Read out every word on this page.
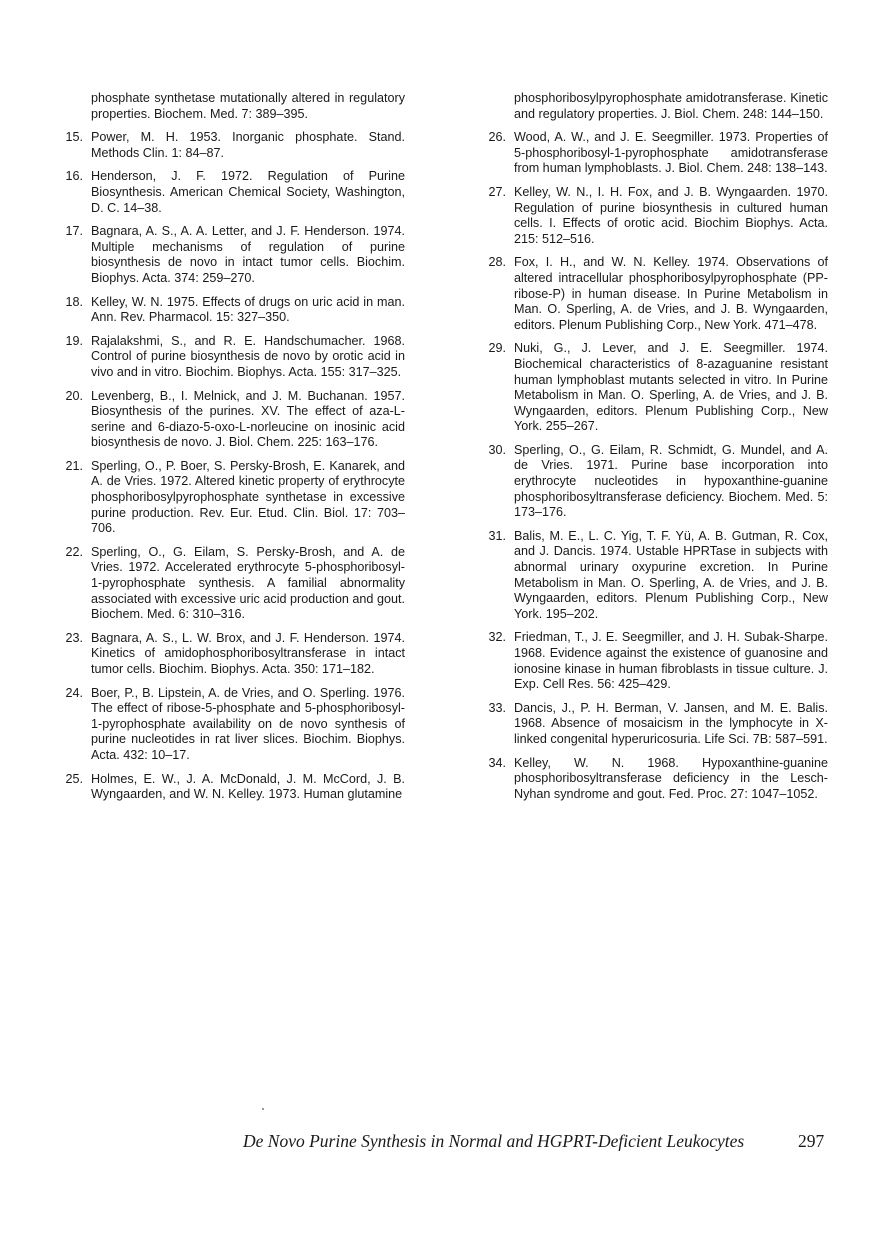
phosphate synthetase mutationally altered in regulatory properties. Biochem. Med. 7: 389–395.
15. Power, M. H. 1953. Inorganic phosphate. Stand. Methods Clin. 1: 84–87.
16. Henderson, J. F. 1972. Regulation of Purine Biosynthesis. American Chemical Society, Washington, D. C. 14–38.
17. Bagnara, A. S., A. A. Letter, and J. F. Henderson. 1974. Multiple mechanisms of regulation of purine biosynthesis de novo in intact tumor cells. Biochim. Biophys. Acta. 374: 259–270.
18. Kelley, W. N. 1975. Effects of drugs on uric acid in man. Ann. Rev. Pharmacol. 15: 327–350.
19. Rajalakshmi, S., and R. E. Handschumacher. 1968. Control of purine biosynthesis de novo by orotic acid in vivo and in vitro. Biochim. Biophys. Acta. 155: 317–325.
20. Levenberg, B., I. Melnick, and J. M. Buchanan. 1957. Biosynthesis of the purines. XV. The effect of aza-L-serine and 6-diazo-5-oxo-L-norleucine on inosinic acid biosynthesis de novo. J. Biol. Chem. 225: 163–176.
21. Sperling, O., P. Boer, S. Persky-Brosh, E. Kanarek, and A. de Vries. 1972. Altered kinetic property of erythrocyte phosphoribosylpyrophosphate synthetase in excessive purine production. Rev. Eur. Etud. Clin. Biol. 17: 703–706.
22. Sperling, O., G. Eilam, S. Persky-Brosh, and A. de Vries. 1972. Accelerated erythrocyte 5-phosphoribosyl-1-pyrophosphate synthesis. A familial abnormality associated with excessive uric acid production and gout. Biochem. Med. 6: 310–316.
23. Bagnara, A. S., L. W. Brox, and J. F. Henderson. 1974. Kinetics of amidophosphoribosyltransferase in intact tumor cells. Biochim. Biophys. Acta. 350: 171–182.
24. Boer, P., B. Lipstein, A. de Vries, and O. Sperling. 1976. The effect of ribose-5-phosphate and 5-phosphoribosyl-1-pyrophosphate availability on de novo synthesis of purine nucleotides in rat liver slices. Biochim. Biophys. Acta. 432: 10–17.
25. Holmes, E. W., J. A. McDonald, J. M. McCord, J. B. Wyngaarden, and W. N. Kelley. 1973. Human glutamine
phosphoribosylpyrophosphate amidotransferase. Kinetic and regulatory properties. J. Biol. Chem. 248: 144–150.
26. Wood, A. W., and J. E. Seegmiller. 1973. Properties of 5-phosphoribosyl-1-pyrophosphate amidotransferase from human lymphoblasts. J. Biol. Chem. 248: 138–143.
27. Kelley, W. N., I. H. Fox, and J. B. Wyngaarden. 1970. Regulation of purine biosynthesis in cultured human cells. I. Effects of orotic acid. Biochim Biophys. Acta. 215: 512–516.
28. Fox, I. H., and W. N. Kelley. 1974. Observations of altered intracellular phosphoribosylpyrophosphate (PP-ribose-P) in human disease. In Purine Metabolism in Man. O. Sperling, A. de Vries, and J. B. Wyngaarden, editors. Plenum Publishing Corp., New York. 471–478.
29. Nuki, G., J. Lever, and J. E. Seegmiller. 1974. Biochemical characteristics of 8-azaguanine resistant human lymphoblast mutants selected in vitro. In Purine Metabolism in Man. O. Sperling, A. de Vries, and J. B. Wyngaarden, editors. Plenum Publishing Corp., New York. 255–267.
30. Sperling, O., G. Eilam, R. Schmidt, G. Mundel, and A. de Vries. 1971. Purine base incorporation into erythrocyte nucleotides in hypoxanthine-guanine phosphoribosyltransferase deficiency. Biochem. Med. 5: 173–176.
31. Balis, M. E., L. C. Yig, T. F. Yü, A. B. Gutman, R. Cox, and J. Dancis. 1974. Ustable HPRTase in subjects with abnormal urinary oxypurine excretion. In Purine Metabolism in Man. O. Sperling, A. de Vries, and J. B. Wyngaarden, editors. Plenum Publishing Corp., New York. 195–202.
32. Friedman, T., J. E. Seegmiller, and J. H. Subak-Sharpe. 1968. Evidence against the existence of guanosine and ionosine kinase in human fibroblasts in tissue culture. J. Exp. Cell Res. 56: 425–429.
33. Dancis, J., P. H. Berman, V. Jansen, and M. E. Balis. 1968. Absence of mosaicism in the lymphocyte in X-linked congenital hyperuricosuria. Life Sci. 7B: 587–591.
34. Kelley, W. N. 1968. Hypoxanthine-guanine phosphoribosyltransferase deficiency in the Lesch-Nyhan syndrome and gout. Fed. Proc. 27: 1047–1052.
De Novo Purine Synthesis in Normal and HGPRT-Deficient Leukocytes	297
